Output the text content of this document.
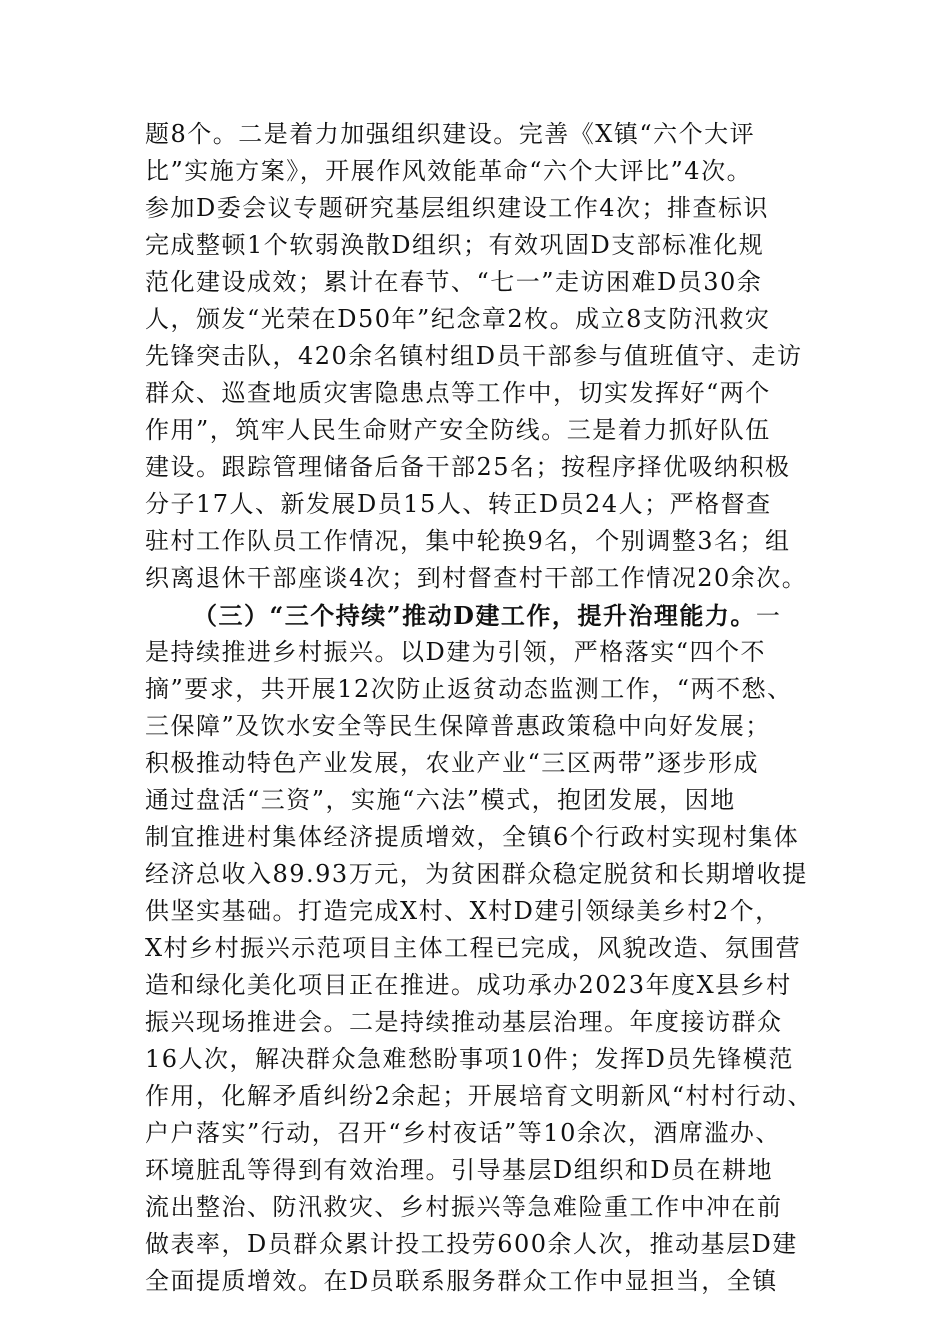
题8个。二是着力加强组织建设。完善《X镇“六个大评
比”实施方案》，开展作风效能革命“六个大评比”4次。
参加D委会议专题研究基层组织建设工作4次；排查标识
完成整顿1个软弱涣散D组织；有效巩固D支部标准化规
范化建设成效；累计在春节、“七一”走访困难D员30余
人，颁发“光荣在D50年”纪念章2枚。成立8支防汛救灾
先锋突击队，420余名镇村组D员干部参与值班值守、走访
群众、巡查地质灾害隐患点等工作中，切实发挥好“两个
作用”，筑牢人民生命财产安全防线。三是着力抓好队伍
建设。跟踪管理储备后备干部25名；按程序择优吸纳积极
分子17人、新发展D员15人、转正D员24人；严格督查
驻村工作队员工作情况，集中轮换9名，个别调整3名；组
织离退休干部座谈4次；到村督查村干部工作情况20余次。
（三）“三个持续”推动D建工作，提升治理能力。一
是持续推进乡村振兴。以D建为引领，严格落实“四个不
摘”要求，共开展12次防止返贫动态监测工作，“两不愁、
三保障”及饮水安全等民生保障普惠政策稳中向好发展；
积极推动特色产业发展，农业产业“三区两带”逐步形成
通过盘活“三资”，实施“六法”模式，抱团发展，因地
制宜推进村集体经济提质增效，全镇6个行政村实现村集体
经济总收入89.93万元，为贫困群众稳定脱贫和长期增收提
供坚实基础。打造完成X村、X村D建引领绿美乡村2个，
X村乡村振兴示范项目主体工程已完成，风貌改造、氛围营
造和绿化美化项目正在推进。成功承办2023年度X县乡村
振兴现场推进会。二是持续推动基层治理。年度接访群众
16人次，解决群众急难愁盼事项10件；发挥D员先锋模范
作用，化解矛盾纠纷2余起；开展培育文明新风“村村行动、
户户落实”行动，召开“乡村夜话”等10余次，酒席滥办、
环境脏乱等得到有效治理。引导基层D组织和D员在耕地
流出整治、防汛救灾、乡村振兴等急难险重工作中冲在前
做表率，D员群众累计投工投劳600余人次，推动基层D建
全面提质增效。在D员联系服务群众工作中显担当，全镇
